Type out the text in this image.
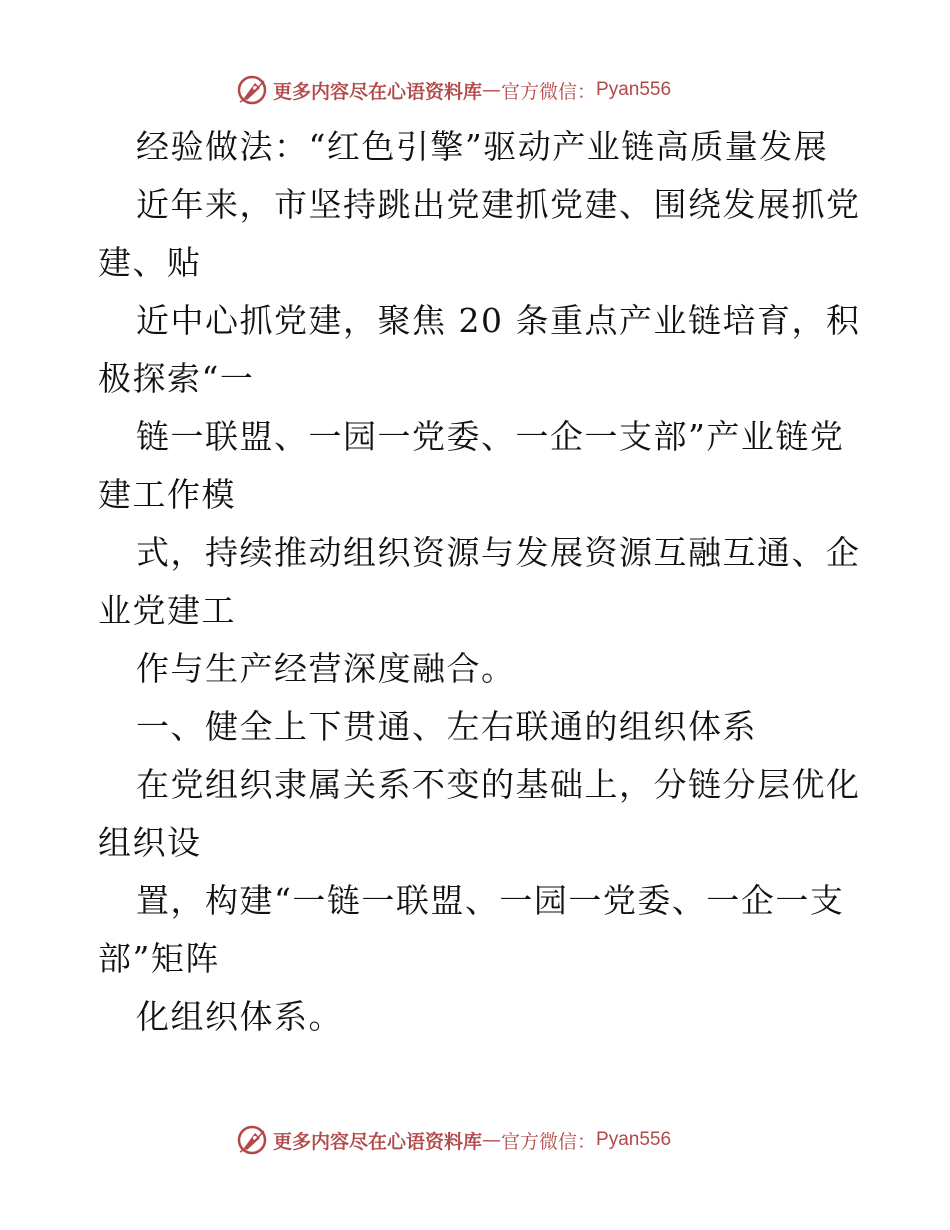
更多内容尽在心语资料库 — 官方微信： Pyan556
经验做法：“红色引擎”驱动产业链高质量发展
近年来，市坚持跳出党建抓党建、围绕发展抓党
建、贴
近中心抓党建，聚焦 20 条重点产业链培育，积
极探索“一
链一联盟、一园一党委、一企一支部”产业链党
建工作模
式，持续推动组织资源与发展资源互融互通、企
业党建工
作与生产经营深度融合。
一、健全上下贯通、左右联通的组织体系
在党组织隶属关系不变的基础上，分链分层优化
组织设
置，构建“一链一联盟、一园一党委、一企一支
部”矩阵
化组织体系。
更多内容尽在心语资料库 — 官方微信： Pyan556
